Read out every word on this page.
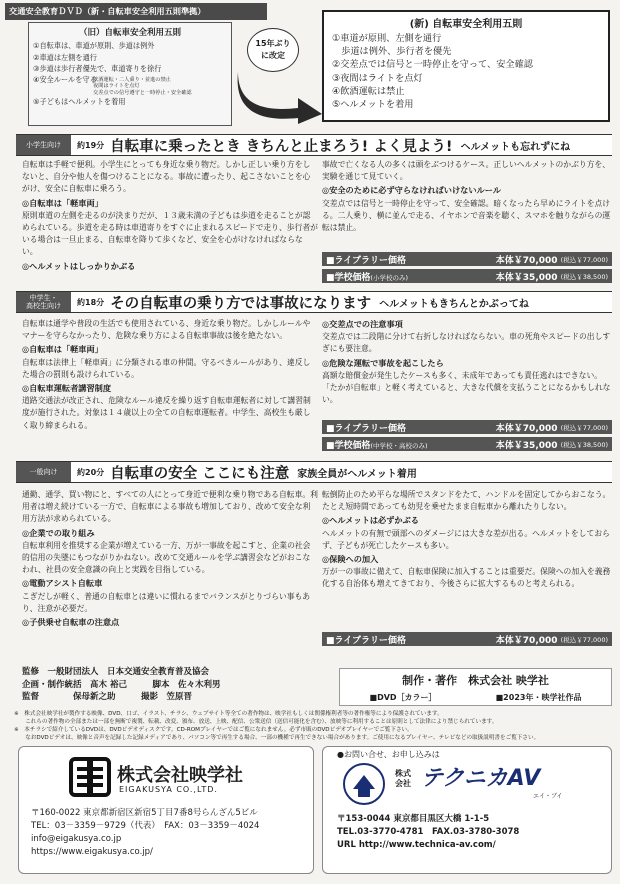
交通安全教育ＤＶＤ（新・自転車安全利用五則準拠）
（旧）自転車安全利用五則
①自転車は、車道が原則、歩道は例外
②車道は左側を通行
③歩道は歩行者優先で、車道寄りを徐行
④安全ルールを守る
飲酒運転・二人乗り・並進の禁止
夜間はライトを点灯
交差点での信号遵守と一時停止・安全確認
⑤子どもはヘルメットを着用
15年ぶり
に改定
(新) 自転車安全利用五則
①車道が原則、左側を通行
　歩道は例外、歩行者を優先
②交差点では信号と一時停止を守って、安全確認
③夜間はライトを点灯
④飲酒運転は禁止
⑤ヘルメットを着用
小学生向け	約19分 自転車に乗ったとき きちんと止まろう! よく見よう! ヘルメットも忘れずにね

自転車は手軽で便利。小学生にとっても身近な乗り物だ。しかし正しい乗り方をしないと、自分や他人を傷つけることになる。事故に遭ったり、起こさないことを心がけ、安全に自転車に乗ろう。

◎自転車は「軽車両」

原則車道の左側を走るのが決まりだが、１３歳未満の子どもは歩道を走ることが認められている。歩道を走る時は車道寄りをすぐに止まれるスピードで走り、歩行者がいる場合は一旦止まる、自転車を降りて歩くなど、安全を心がけなければならない。

◎ヘルメットはしっかりかぶる

事故で亡くなる人の多くは頭をぶつけるケース。正しいヘルメットのかぶり方を、実験を通じて見ていく。

◎安全のために必ず守らなければいけないルール

交差点では信号と一時停止を守って、安全確認。暗くなったら早めにライトを点ける。二人乗り、横に並んで走る、イヤホンで音楽を聴く、スマホを触りながらの運転は禁止。

■ライブラリー価格	本体￥70,000
(税込￥77,000)
■学校価格(小学校のみ)	本体￥35,000
(税込￥38,500)
中学生・
高校生向け	約18分 その自転車の乗り方では事故になります ヘルメットもきちんとかぶってね

自転車は通学や普段の生活でも使用されている、身近な乗り物だ。しかしルールやマナーを守らなかったり、危険な乗り方による自転車事故は後を絶たない。

◎自転車は「軽車両」

自転車は法律上「軽車両」に分類される車の仲間。守るべきルールがあり、違反した場合の罰則も設けられている。

◎自転車運転者講習制度

道路交通法が改正され、危険なルール違反を繰り返す自転車運転者に対して講習制度が施行された。対象は１４歳以上の全ての自転車運転者。中学生、高校生も厳しく取り締まられる。

◎交差点での注意事項

交差点では二段階に分けて右折しなければならない。車の死角やスピードの出しすぎにも要注意。

◎危険な運転で事故を起こしたら

高額な賠償金が発生したケースも多く、未成年であっても責任逃れはできない。「たかが自転車」と軽く考えていると、大きな代償を支払うことになるかもしれない。

■ライブラリー価格	本体￥70,000
(税込￥77,000)
■学校価格(中学校・高校のみ)	本体￥35,000
(税込￥38,500)
一般向け	約20分 自転車の安全 ここにも注意 家族全員がヘルメット着用

通勤、通学、買い物にと、すべての人にとって身近で便利な乗り物である自転車。利用者は増え続けている一方で、自転車による事故も増加しており、改めて安全な利用方法が求められている。

◎企業での取り組み

自転車利用を推奨する企業が増えている一方、万が一事故を起こすと、企業の社会的信用の失墜にもつながりかねない。改めて交通ルールを学ぶ講習会などがおこなわれ、社員の安全意識の向上と実践を目指している。

◎電動アシスト自転車

こぎだしが軽く、普通の自転車とは違いに慣れるまでバランスがとりづらい事もあり、注意が必要だ。

◎子供乗せ自転車の注意点

転倒防止のため平らな場所でスタンドをたて、ハンドルを固定してからおこなう。たとえ短時間であっても幼児を乗せたまま自転車から離れたりしない。

◎ヘルメットは必ずかぶる

ヘルメットの有無で頭部へのダメージには大きな差が出る。ヘルメットをしておらず、子どもが死亡したケースも多い。

◎保険への加入

万が一の事故に備えて、自転車保険に加入することは重要だ。保険への加入を義務化する自治体も増えてきており、今後さらに拡大するものと考えられる。

■ライブラリー価格	本体￥70,000
(税込￥77,000)
監修　一般財団法人　日本交通安全教育普及協会
企画・制作統括　髙木 裕己　　　脚本　佐々木利男
監督　　　　保母新之助　　　撮影　笠原晋
制作・著作　株式会社 映学社
■DVD［カラー］	■2023年・映学社作品
※　株式会社映学社が製作する映像、DVD、口ゴ、イラスト、チラシ、ウェブサイト等全ての著作物は、映学社もしくは関係権利者等の著作権等により保護されています。
　　これらの著作物の全部または一部を無断で複製、転載、改変、頒布、放送、上映、配信、公衆送信（送信可能化を含む）、放映等に利用することは原則として法律により禁じられています。
※　本チラシで紹介しているDVDは、DVDビデオディスクです。CD-ROMプレイヤーではご覧になれません。必ず市販のDVDビデオプレイヤーでご覧下さい。
　　なおDVDビデオは、映像と音声を記録した記録メディアであり、パソコン等で再生する場合、一部の機種で再生できない場合があります。ご使用になるプレイヤー、テレビなどの取扱説明書をご覧下さい。
株式会社映学社
EIGAKUSYA CO.,LTD.
〒160-0022 東京都新宿区新宿5丁目7番8号らんざん5ビル
TEL：03－3359－9729（代表）　FAX：03－3359－4024
info@eigakusya.co.jp
https://www.eigakusya.co.jp/
●お問い合せ、お申し込みは
株式会社 テクニカAV
エイ・ブイ
〒153-0044 東京都目黒区大橋 1-1-5
TEL.03-3770-4781　FAX.03-3780-3078
URL http://www.technica-av.com/
